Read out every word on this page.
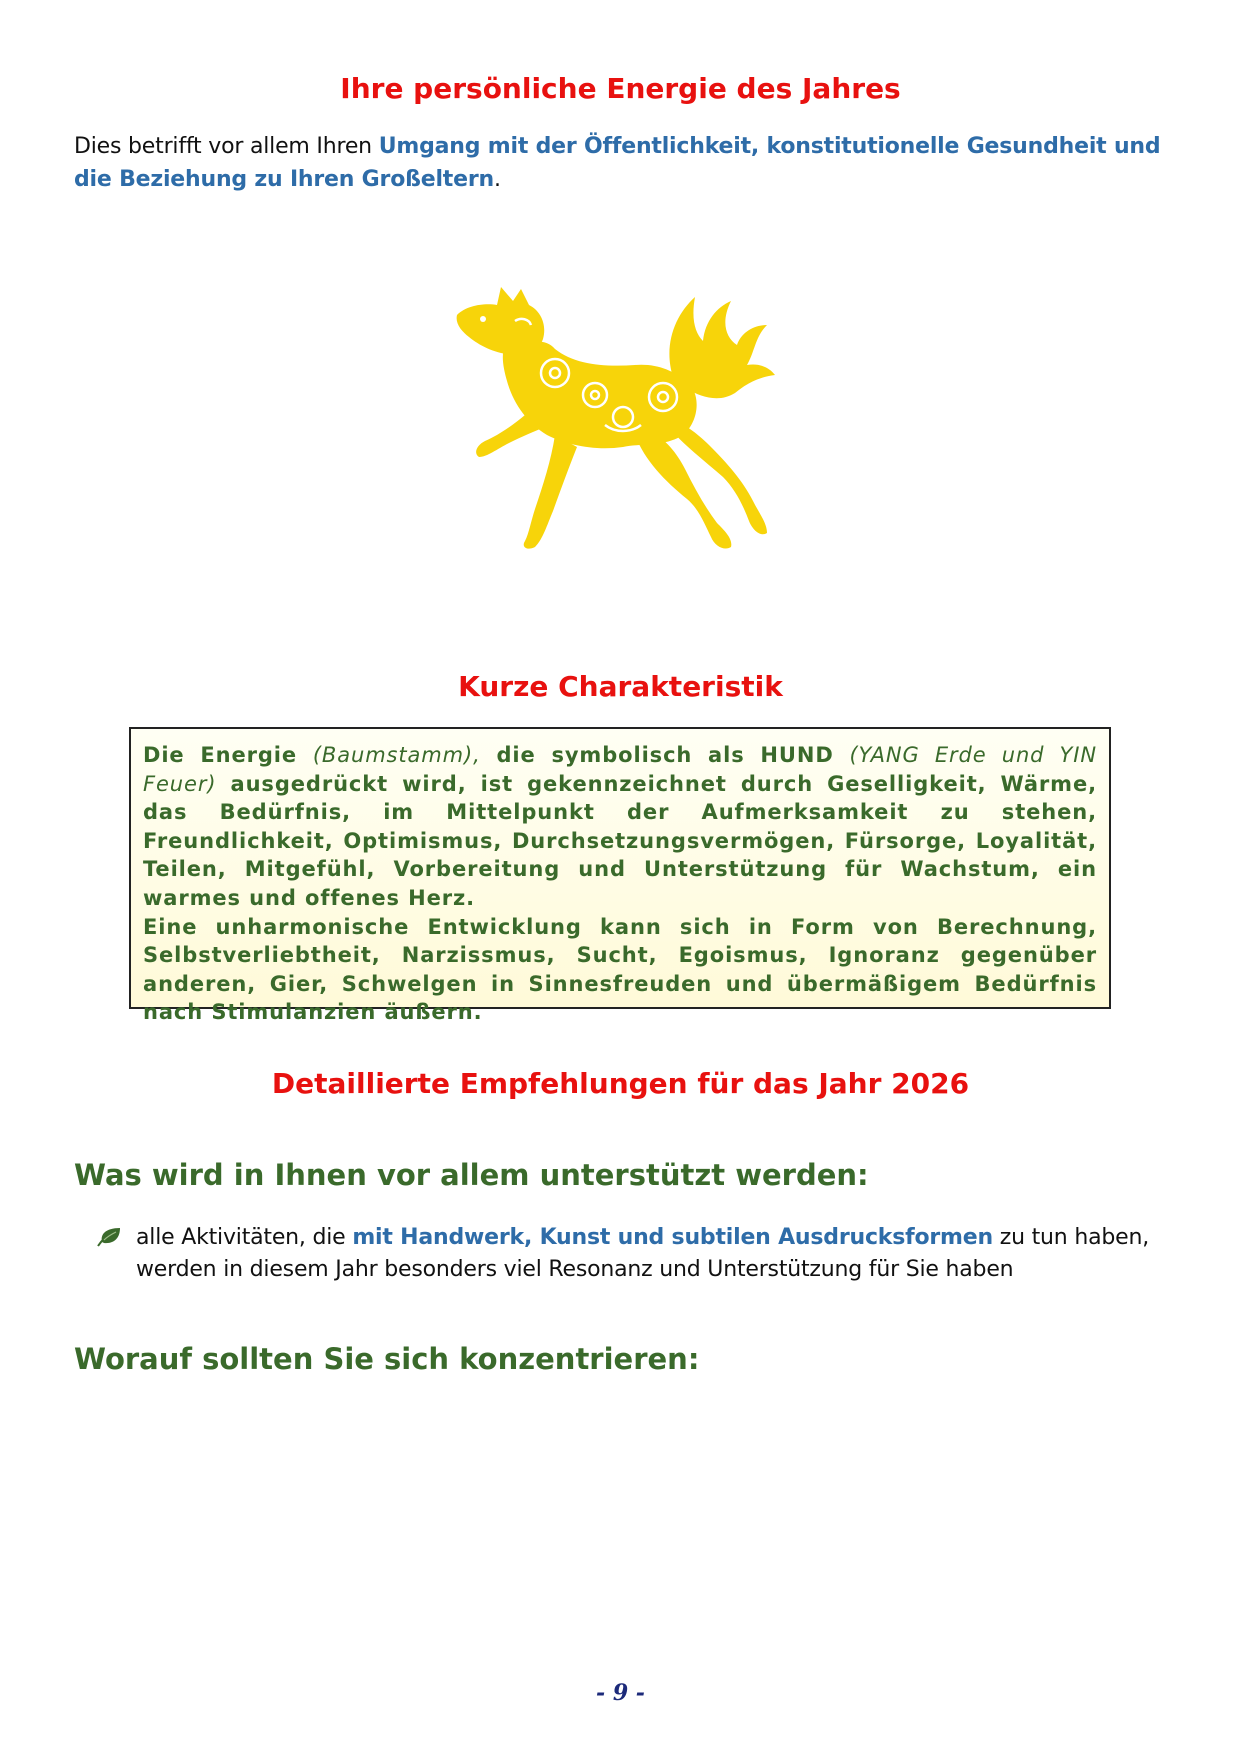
Ihre persönliche Energie des Jahres

Dies betrifft vor allem Ihren Umgang mit der Öffentlichkeit, konstitutionelle Gesundheit und die Beziehung zu Ihren Großeltern.

Kurze Charakteristik
Die Energie (Baumstamm), die symbolisch als HUND (YANG Erde und YIN Feuer) ausgedrückt wird, ist gekennzeichnet durch Geselligkeit, Wärme, das Bedürfnis, im Mittelpunkt der Aufmerksamkeit zu stehen, Freundlichkeit, Optimismus, Durchsetzungsvermögen, Fürsorge, Loyalität, Teilen, Mitgefühl, Vorbereitung und Unterstützung für Wachstum, ein warmes und offenes Herz.
Eine unharmonische Entwicklung kann sich in Form von Berechnung, Selbstverliebtheit, Narzissmus, Sucht, Egoismus, Ignoranz gegenüber anderen, Gier, Schwelgen in Sinnesfreuden und übermäßigem Bedürfnis nach Stimulanzien äußern.
Detaillierte Empfehlungen für das Jahr 2026
Was wird in Ihnen vor allem unterstützt werden:
alle Aktivitäten, die mit Handwerk, Kunst und subtilen Ausdrucksformen zu tun haben, werden in diesem Jahr besonders viel Resonanz und Unterstützung für Sie haben
Worauf sollten Sie sich konzentrieren:
- 9 -
